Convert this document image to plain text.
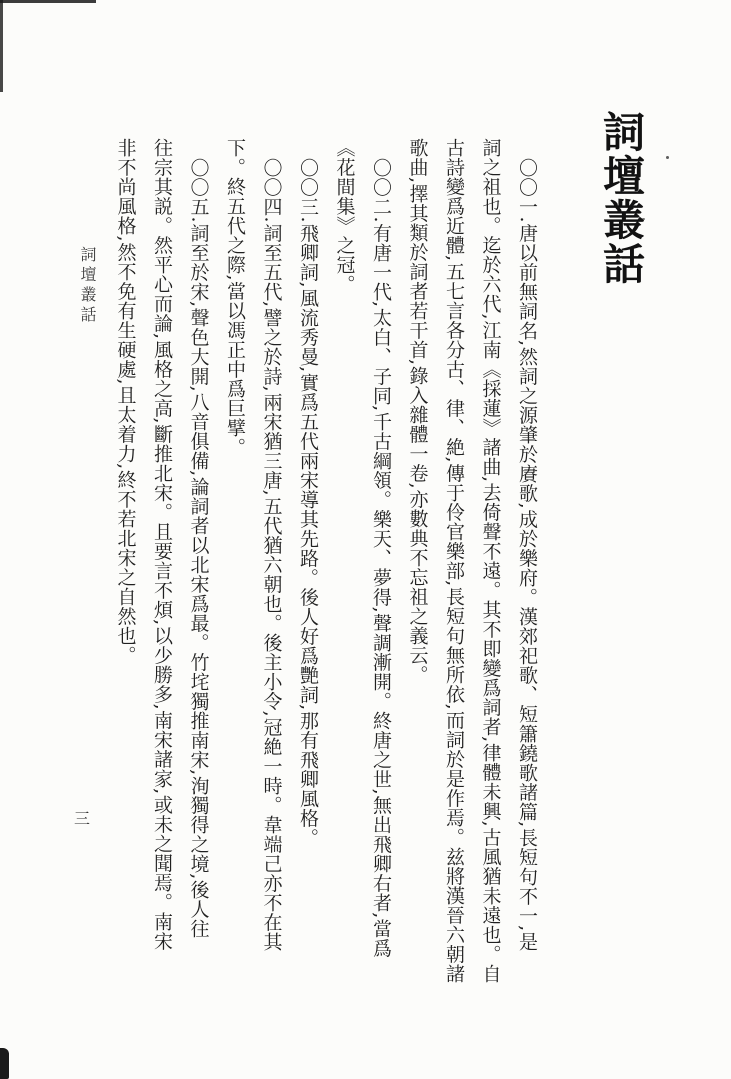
詞壇叢話
〇〇一.唐以前無詞名,然詞之源肇於賡歌,成於樂府。漢郊祀歌、短簫鐃歌諸篇,長短句不一,是
詞之祖也。迄於六代,江南《採蓮》諸曲,去倚聲不遠。其不即變爲詞者,律體未興,古風猶未遠也。自
古詩變爲近體,五七言各分古、律、絶,傳于伶官樂部,長短句無所依,而詞於是作焉。兹將漢晉六朝諸
歌曲,擇其類於詞者若干首,錄入雜體一卷,亦數典不忘祖之義云。
〇〇二.有唐一代,太白、子同,千古綱領。樂天、夢得,聲調漸開。終唐之世,無出飛卿右者,當爲
《花間集》之冠。
〇〇三.飛卿詞,風流秀曼,實爲五代兩宋導其先路。後人好爲艷詞,那有飛卿風格。
〇〇四.詞至五代,譬之於詩,兩宋猶三唐,五代猶六朝也。後主小令,冠絶一時。韋端己亦不在其
下。終五代之際,當以馮正中爲巨擘。
〇〇五.詞至於宋,聲色大開,八音俱備,論詞者以北宋爲最。竹垞獨推南宋,洵獨得之境,後人往
往宗其説。然平心而論,風格之高,斷推北宋。且要言不煩,以少勝多,南宋諸家,或未之聞焉。南宋
非不尚風格,然不免有生硬處,且太着力,終不若北宋之自然也。
詞壇叢話
三
